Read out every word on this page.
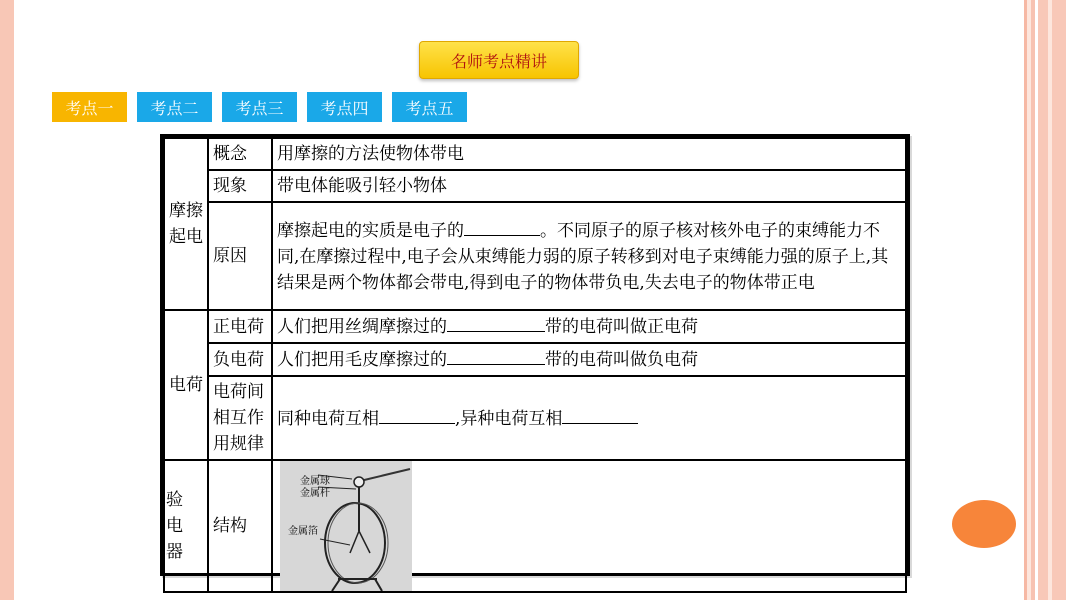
名师考点精讲
考点一	考点二	考点三	考点四	考点五
摩擦起电	概念	用摩擦的方法使物体带电
	现象	带电体能吸引轻小物体
	原因	摩擦起电的实质是电子的 。不同原子的原子核对核外电子的束缚能力不同,在摩擦过程中,电子会从束缚能力弱的原子转移到对电子束缚能力强的原子上,其结果是两个物体都会带电,得到电子的物体带负电,失去电子的物体带正电
电荷	正电荷	人们把用丝绸摩擦过的 带的电荷叫做正电荷
	负电荷	人们把用毛皮摩擦过的 带的电荷叫做负电荷
	电荷间相互作用规律	同种电荷互相 ,异种电荷互相

验电器	结构	金属球
金属杆
金属箔
